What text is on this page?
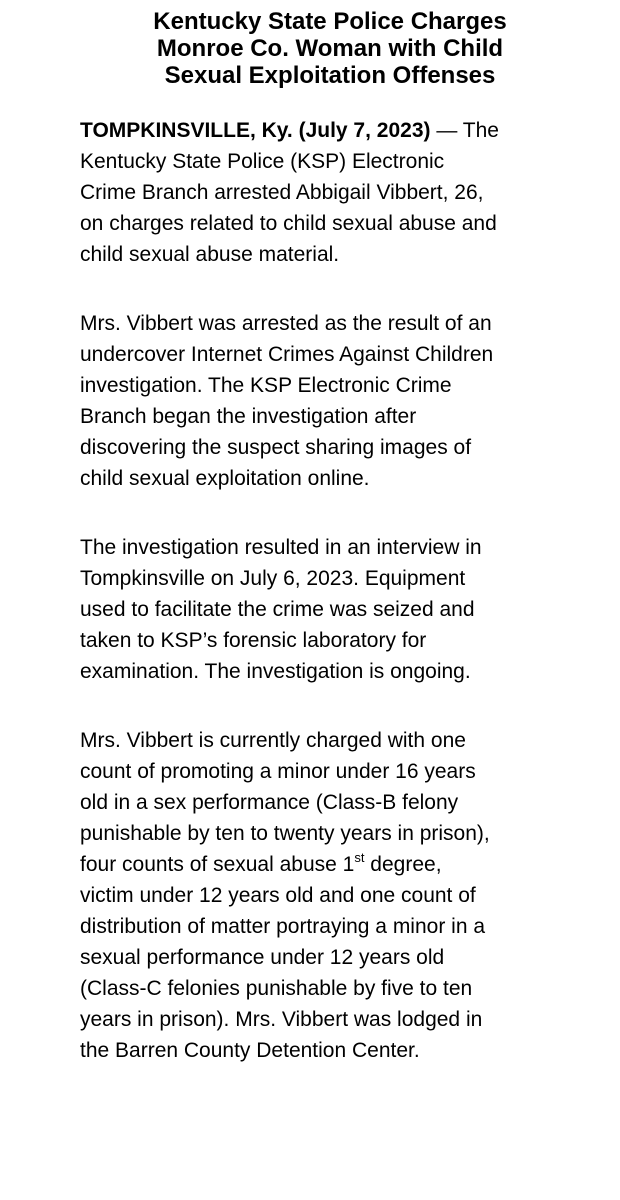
Kentucky State Police Charges
Monroe Co. Woman with Child
Sexual Exploitation Offenses

TOMPKINSVILLE, Ky. (July 7, 2023) — The
Kentucky State Police (KSP) Electronic
Crime Branch arrested Abbigail Vibbert, 26,
on charges related to child sexual abuse and
child sexual abuse material.

Mrs. Vibbert was arrested as the result of an
undercover Internet Crimes Against Children
investigation. The KSP Electronic Crime
Branch began the investigation after
discovering the suspect sharing images of
child sexual exploitation online.

The investigation resulted in an interview in
Tompkinsville on July 6, 2023. Equipment
used to facilitate the crime was seized and
taken to KSP’s forensic laboratory for
examination. The investigation is ongoing.

Mrs. Vibbert is currently charged with one
count of promoting a minor under 16 years
old in a sex performance (Class-B felony
punishable by ten to twenty years in prison),
four counts of sexual abuse 1st degree,
victim under 12 years old and one count of
distribution of matter portraying a minor in a
sexual performance under 12 years old
(Class-C felonies punishable by five to ten
years in prison). Mrs. Vibbert was lodged in
the Barren County Detention Center.
